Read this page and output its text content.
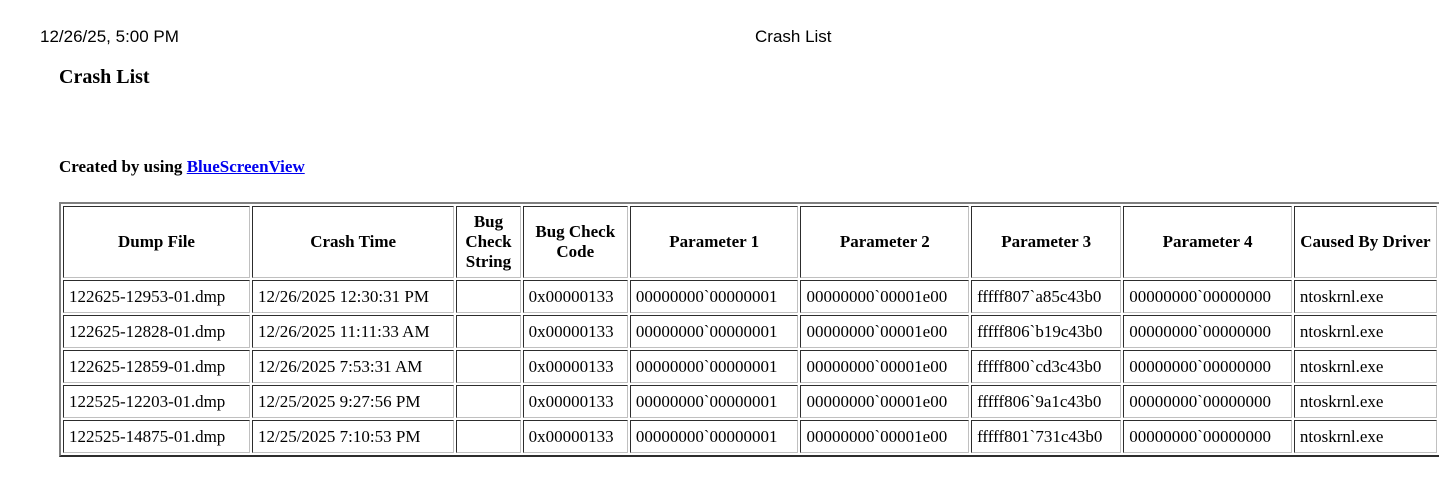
12/26/25, 5:00 PM	Crash List
Crash List

Created by using BlueScreenView

Dump File	Crash Time	Bug Check String	Bug Check Code	Parameter 1	Parameter 2	Parameter 3	Parameter 4	Caused By Driver
122625-12953-01.dmp	12/26/2025 12:30:31 PM		0x00000133	00000000`00000001	00000000`00001e00	fffff807`a85c43b0	00000000`00000000	ntoskrnl.exe
122625-12828-01.dmp	12/26/2025 11:11:33 AM		0x00000133	00000000`00000001	00000000`00001e00	fffff806`b19c43b0	00000000`00000000	ntoskrnl.exe
122625-12859-01.dmp	12/26/2025 7:53:31 AM		0x00000133	00000000`00000001	00000000`00001e00	fffff800`cd3c43b0	00000000`00000000	ntoskrnl.exe
122525-12203-01.dmp	12/25/2025 9:27:56 PM		0x00000133	00000000`00000001	00000000`00001e00	fffff806`9a1c43b0	00000000`00000000	ntoskrnl.exe
122525-14875-01.dmp	12/25/2025 7:10:53 PM		0x00000133	00000000`00000001	00000000`00001e00	fffff801`731c43b0	00000000`00000000	ntoskrnl.exe
